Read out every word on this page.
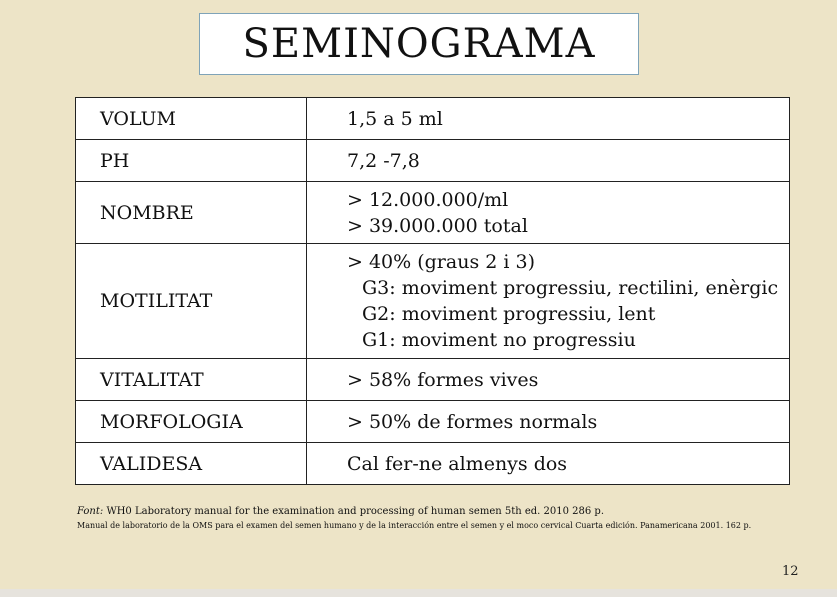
SEMINOGRAMA
VOLUM	1,5 a 5 ml

PH	7,2 -7,8

NOMBRE	> 12.000.000/ml
> 39.000.000 total

MOTILITAT	> 40% (graus 2 i 3)
G3: moviment progressiu, rectilini, enèrgic
G2: moviment progressiu, lent
G1: moviment no progressiu

VITALITAT	> 58% formes vives

MORFOLOGIA	> 50% de formes normals

VALIDESA	Cal fer-ne almenys dos
Font: WH0 Laboratory manual for the examination and processing of human semen 5th ed. 2010 286 p.
Manual de laboratorio de la OMS para el examen del semen humano y de la interacción entre el semen y el moco cervical Cuarta edición. Panamericana 2001. 162 p.
12
